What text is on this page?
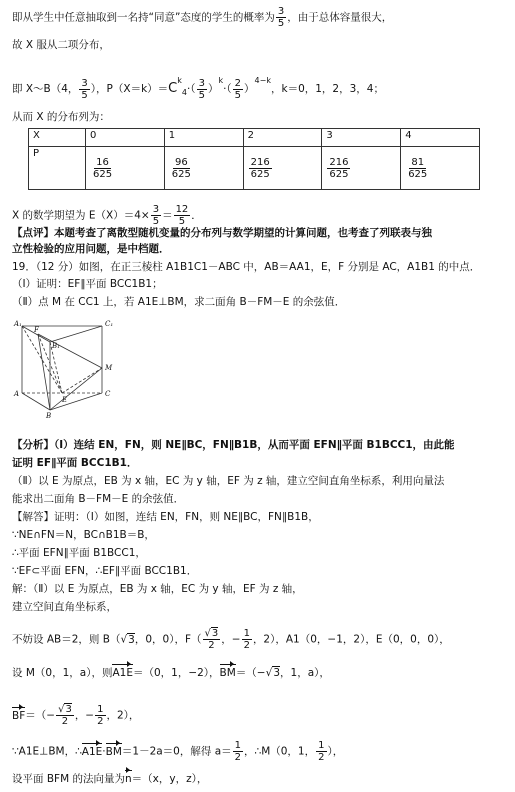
即从学生中任意抽取到一名持“同意”态度的学生的概率为 $\frac{3}{5}$ ，由于总体容量很大，
故 X 服从二项分布，
即 X～B（4， $\frac{3}{5}$ ），$P(X=k)=C^k_4\cdot( \frac{3}{5} )^k\cdot( \frac{2}{5} )^{4-k}$，k＝0，1，2，3，4；
从而 X 的分布列为：
X	0	1	2	3	4
P	$\frac{16}{625}$	$\frac{96}{625}$	$\frac{216}{625}$	$\frac{216}{625}$	$\frac{81}{625}$
X 的数学期望为 $E(X)=4\times \frac{3}{5} = \frac{12}{5}$ ．
【点评】本题考查了离散型随机变量的分布列与数学期望的计算问题，也考查了列联表与独
立性检验的应用问题，是中档题．
19．（12 分）如图，在正三棱柱 A1B1C1－ABC 中，AB＝AA1，E，F 分别是 AC，A1B1 的中点．
（Ⅰ）证明：EF∥平面 BCC1B1；
（Ⅱ）点 M 在 CC1 上，若 A1E⊥BM，求二面角 B－FM－E 的余弦值．
A₁	C₁
F
B₁
M
A	C
E
B
【分析】（Ⅰ）连结 EN，FN，则 NE∥BC，FN∥B1B，从而平面 EFN∥平面 B1BCC1，由此能
证明 EF∥平面 BCC1B1．
（Ⅱ）以 E 为原点，EB 为 x 轴，EC 为 y 轴，EF 为 z 轴，建立空间直角坐标系，利用向量法
能求出二面角 B－FM－E 的余弦值．
【解答】证明：（Ⅰ）如图，连结 EN，FN，则 NE∥BC，FN∥B1B，
∵NE∩FN＝N，BC∩B1B＝B，
∴平面 EFN∥平面 B1BCC1，
∵EF⊂平面 EFN，∴EF∥平面 BCC1B1．
解：（Ⅱ）以 E 为原点，EB 为 x 轴，EC 为 y 轴，EF 为 z 轴，
建立空间直角坐标系，
不妨设 AB＝2，则 B（√3，0，0），$F( \frac{√3}{2}$ ，− $\frac{1}{2}$ ，2），A1（0，−1，2），E（0，0，0），
设 M（0，1，a），则A1E＝（0，1，−2），BM＝（−√3，1，a），
$BF=(- \frac{√3}{2}$ ，− $\frac{1}{2}$ ，2），
∵A1E⊥BM，∴A1E·BM＝1－2a＝0，解得 $a= \frac{1}{2}$ ，∴M（0，1， $\frac{1}{2}$ ），
设平面 BFM 的法向量为n＝（x，y，z），
